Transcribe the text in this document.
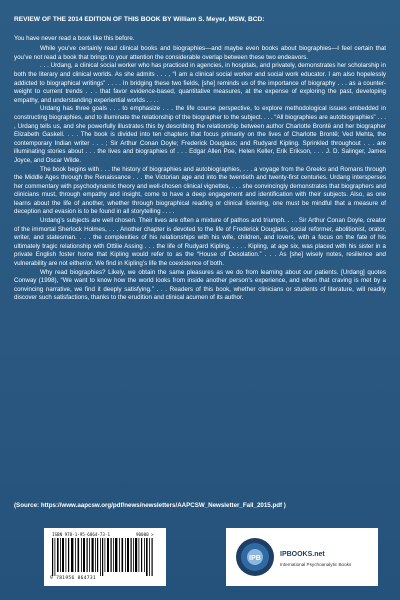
REVIEW OF THE 2014 EDITION OF THIS BOOK BY William S. Meyer, MSW, BCD:

You have never read a book like this before.

While you’ve certainly read clinical books and biographies—and maybe even books about biographies—I feel certain that you’ve not read a book that brings to your attention the considerable overlap between these two endeavors.

. . . Urdang, a clinical social worker who has practiced in agencies, in hospitals, and privately, demonstrates her scholarship in both the literary and clinical worlds. As she admits . . . , “I am a clinical social worker and social work educator. I am also hopelessly addicted to biographical writings” . . . . In bridging these two fields, [she] reminds us of the importance of biography . . . as a counter-weight to current trends . . . that favor evidence-based, quantitative measures, at the expense of exploring the past, developing empathy, and understanding experiential worlds . . . .

Urdang has three goals . . . to emphasize . . . the life course perspective, to explore methodological issues embedded in constructing biographies, and to illuminate the relationship of the biographer to the subject. . . . “All biographies are autobiographies” . . . , Urdang tells us, and she powerfully illustrates this by describing the relationship between author Charlotte Brontë and her biographer Elizabeth Gaskell. . . . The book is divided into ten chapters that focus primarily on the lives of Charlotte Brontë; Ved Mehta, the contemporary Indian writer . . . ; Sir Arthur Conan Doyle; Frederick Douglass; and Rudyard Kipling. Sprinkled throughout . . . are illuminating stories about . . . the lives and biographies of . . . Edgar Allen Poe, Helen Keller, Erik Erikson, . . . J. D. Salinger, James Joyce, and Oscar Wilde.

The book begins with . . . the history of biographies and autobiographies, . . . a voyage from the Greeks and Romans through the Middle Ages through the Renaissance . . . the Victorian age and into the twentieth and twenty-first centuries. Urdang intersperses her commentary with psychodynamic theory and well-chosen clinical vignettes, . . . she convincingly demonstrates that biographers and clinicians must, through empathy and insight, come to have a deep engagement and identification with their subjects. Also, as one learns about the life of another, whether through biographical reading or clinical listening, one must be mindful that a measure of deception and evasion is to be found in all storytelling . . . .

Urdang’s subjects are well chosen. Their lives are often a mixture of pathos and triumph. . . . Sir Arthur Conan Doyle, creator of the immortal Sherlock Holmes, . . . Another chapter is devoted to the life of Frederick Douglass, social reformer, abolitionist, orator, writer, and statesman. . . . the complexities of his relationships with his wife, children, and lovers, with a focus on the fate of his ultimately tragic relationship with Ottilie Assing . . . the life of Rudyard Kipling, . . . . Kipling, at age six, was placed with his sister in a private English foster home that Kipling would refer to as the “House of Desolation.” . . . As [she] wisely notes, resilience and vulnerability are not either/or. We find in Kipling’s life the coexistence of both.

Why read biographies? Likely, we obtain the same pleasures as we do from learning about our patients. [Urdang] quotes Conway (1998), “We want to know how the world looks from inside another person’s experience, and when that craving is met by a convincing narrative, we find it deeply satisfying.” . . . Readers of this book, whether clinicians or students of literature, will readily discover such satisfactions, thanks to the erudition and clinical acumen of its author.

(Source: https://www.aapcsw.org/pdf/news/newsletters/AAPCSW_Newsletter_Fall_2015.pdf )
ISBN 978-1-95-6864-73-1	90000 >
9 781956 864731
IPB
IPBOOKS.net
International Psychoanalytic Books
